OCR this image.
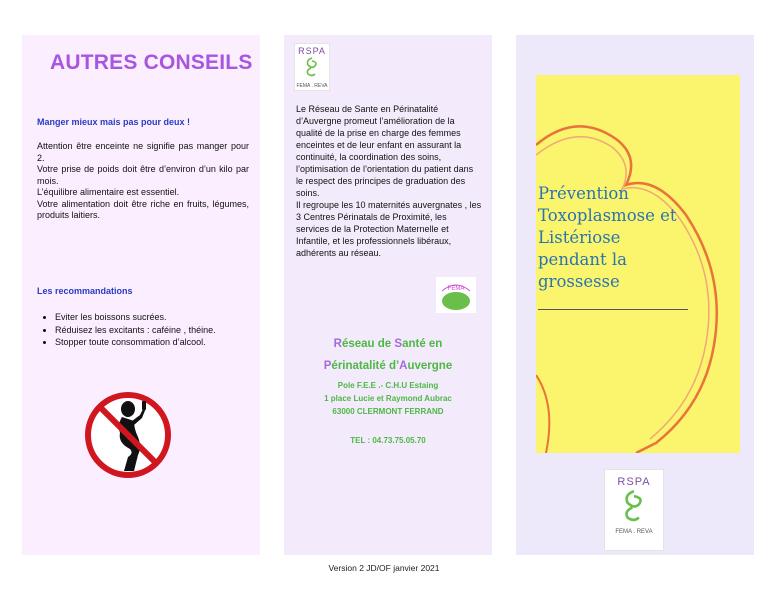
AUTRES CONSEILS
Manger mieux mais pas pour deux !
Attention être enceinte ne signifie pas manger pour 2.
Votre prise de poids doit être d’environ d’un kilo par mois.
L’équilibre alimentaire est essentiel.
Votre alimentation doit être riche en fruits, légumes, produits laitiers.
Les recommandations
• Eviter les boissons sucrées.
• Réduisez les excitants : caféine , théine.
• Stopper toute consommation d’alcool.
RSPA
FEMA . REVA

Le Réseau de Sante en Périnatalité d’Auvergne promeut l’amélioration de la qualité de la prise en charge des femmes enceintes et de leur enfant en assurant la continuité, la coordination des soins, l’optimisation de l’orientation du patient dans le respect des principes de graduation des soins.

Il regroupe les 10 maternités auvergnates , les 3 Centres Périnatals de Proximité, les services de la Protection Maternelle et Infantile, et les professionnels libéraux, adhérents au réseau.

FEMA
Réseau de Santé en
Périnatalité d’Auvergne
Pole F.E.E .- C.H.U Estaing
1 place Lucie et Raymond Aubrac
63000 CLERMONT FERRAND
TEL : 04.73.75.05.70
Prévention
Toxoplasmose et
Listériose
pendant la
grossesse
RSPA
FEMA . REVA
Version 2 JD/OF janvier 2021
